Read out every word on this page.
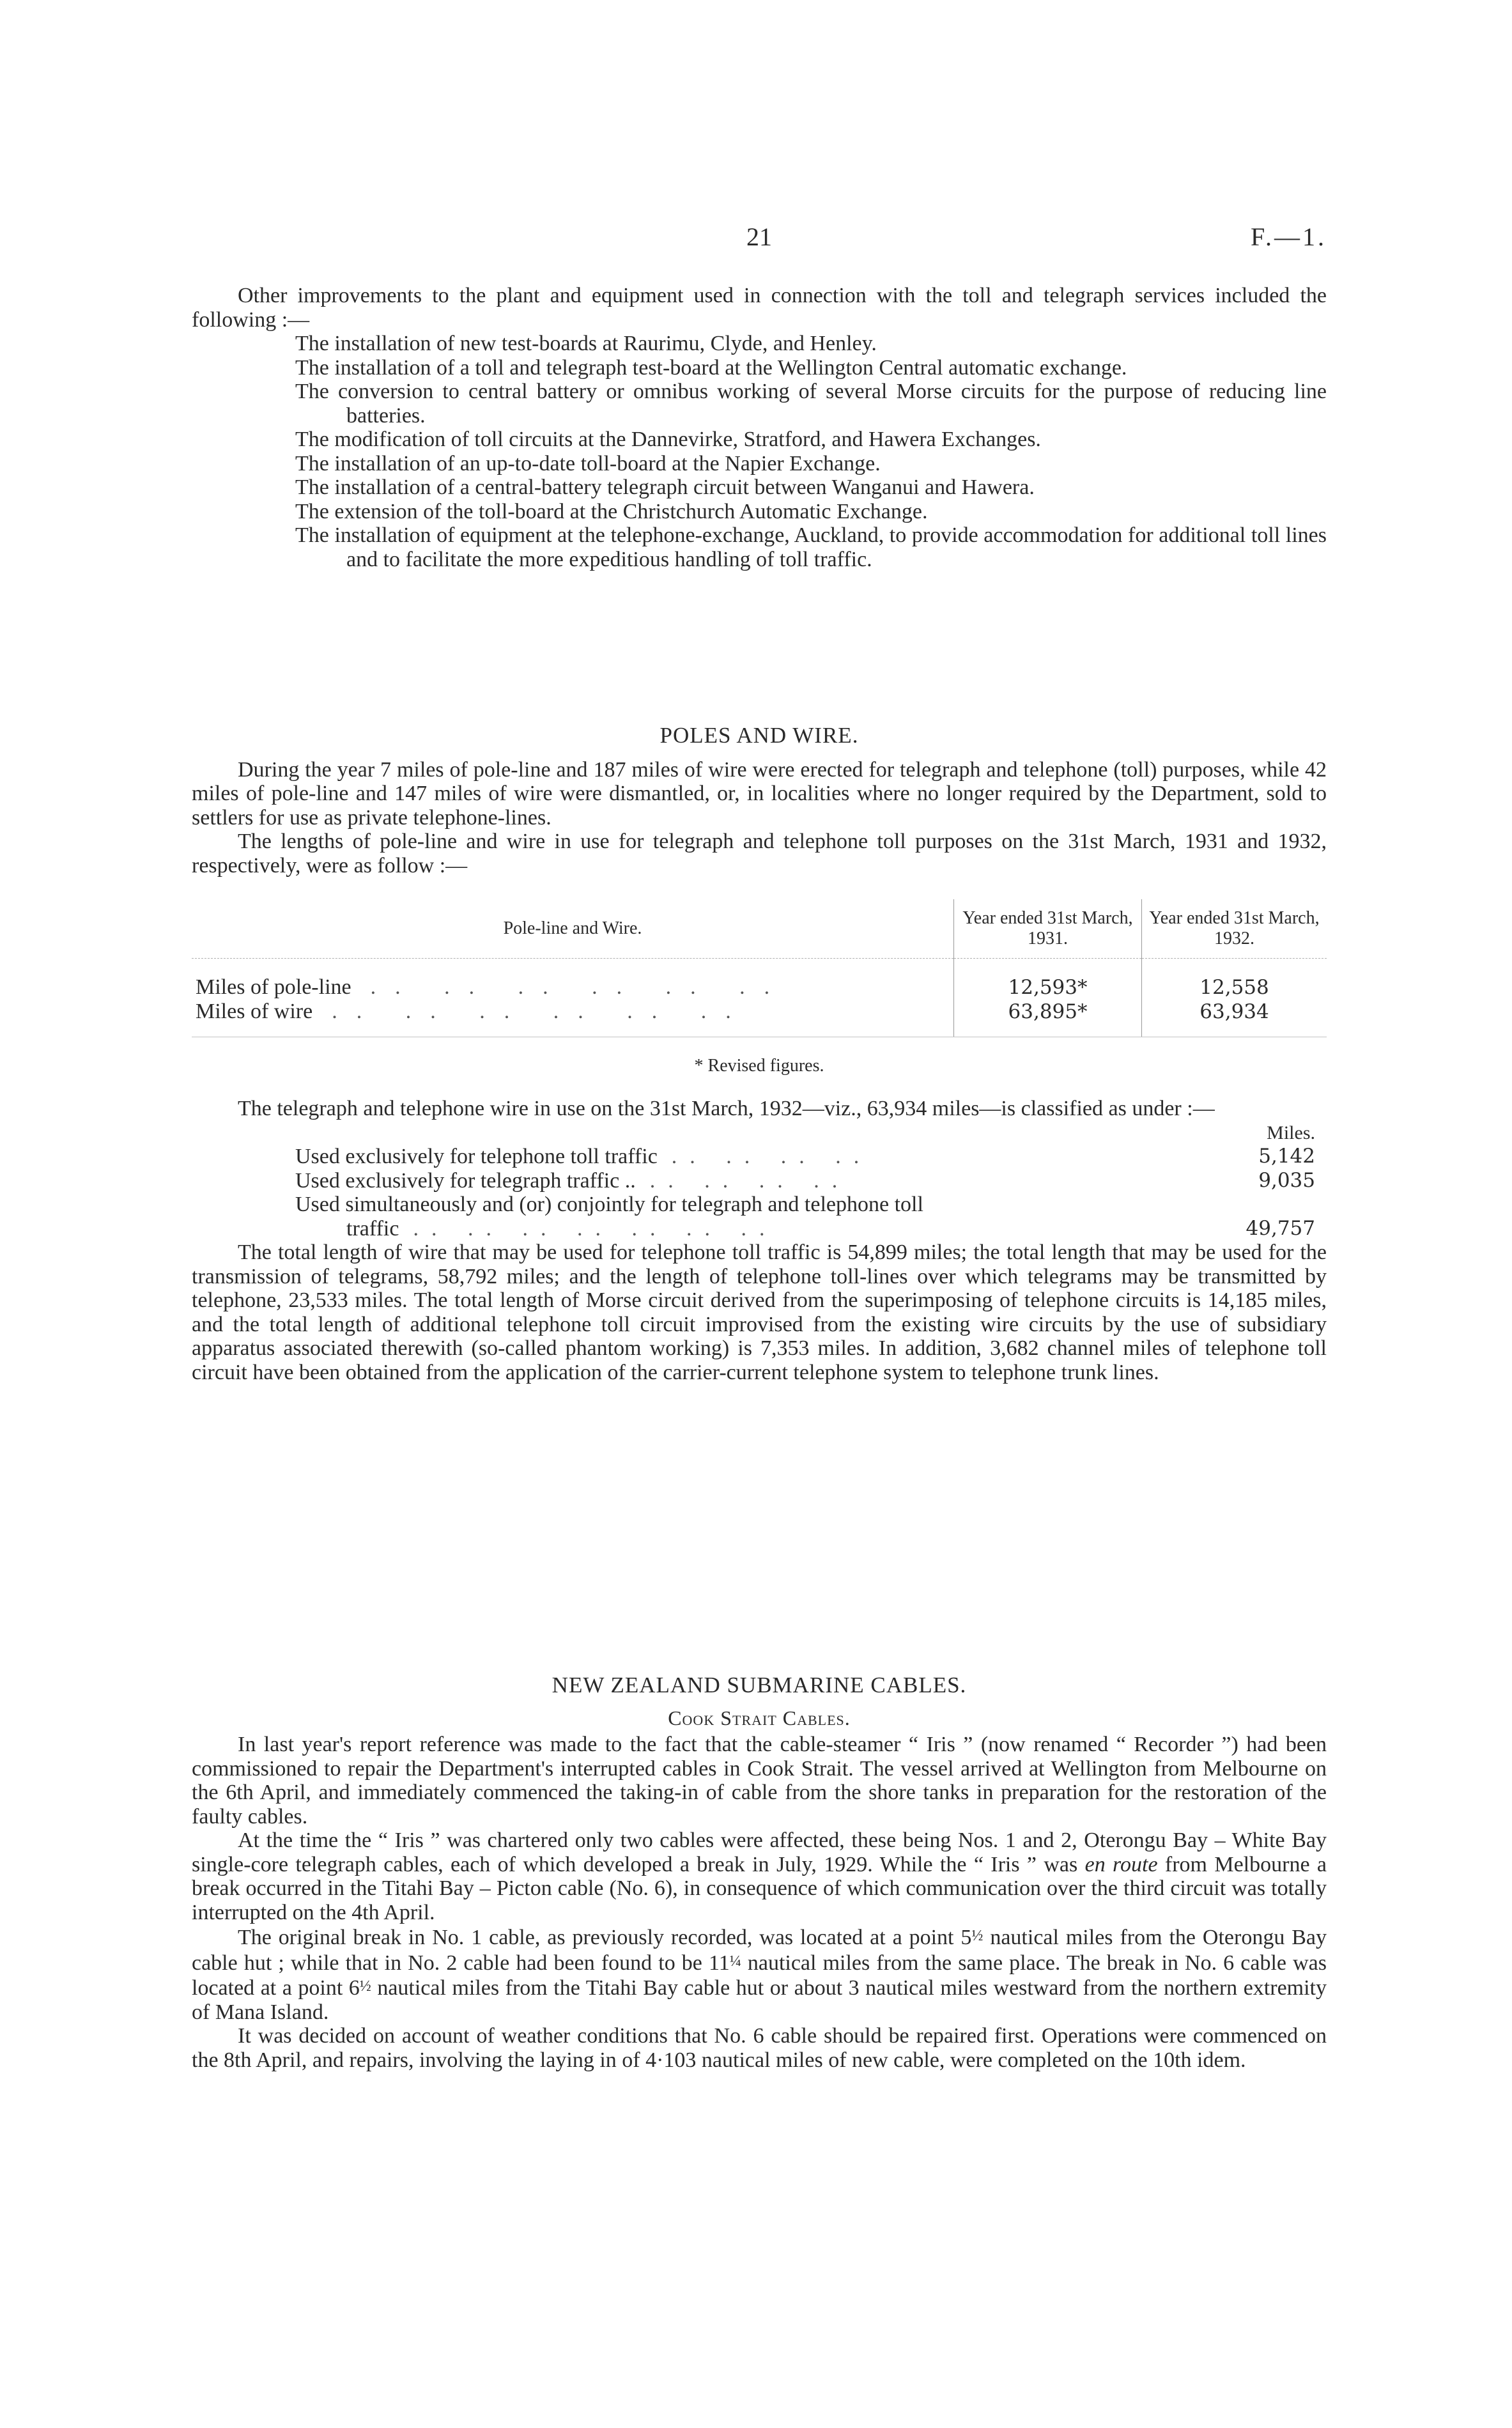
21	F.—1.

Other improvements to the plant and equipment used in connection with the toll and telegraph services included the following :—

The installation of new test-boards at Raurimu, Clyde, and Henley.
The installation of a toll and telegraph test-board at the Wellington Central automatic exchange.
The conversion to central battery or omnibus working of several Morse circuits for the purpose of reducing line batteries.
The modification of toll circuits at the Dannevirke, Stratford, and Hawera Exchanges.
The installation of an up-to-date toll-board at the Napier Exchange.
The installation of a central-battery telegraph circuit between Wanganui and Hawera.
The extension of the toll-board at the Christchurch Automatic Exchange.
The installation of equipment at the telephone-exchange, Auckland, to provide accommodation for additional toll lines and to facilitate the more expeditious handling of toll traffic.
POLES AND WIRE.

During the year 7 miles of pole-line and 187 miles of wire were erected for telegraph and telephone (toll) purposes, while 42 miles of pole-line and 147 miles of wire were dismantled, or, in localities where no longer required by the Department, sold to settlers for use as private telephone-lines.

The lengths of pole-line and wire in use for telegraph and telephone toll purposes on the 31st March, 1931 and 1932, respectively, were as follow :—

Pole-line and Wire.	Year ended 31st March, 1931.	Year ended 31st March, 1932.

Miles of pole-line .. .. .. .. .. ..	12,593*	12,558
Miles of wire .. .. .. .. .. ..	63,895*	63,934

* Revised figures.

The telegraph and telephone wire in use on the 31st March, 1932—viz., 63,934 miles—is classified as under :—

Miles.
Used exclusively for telephone toll traffic .. .. .. ..	5,142
Used exclusively for telegraph traffic .. .. .. .. ..	9,035
Used simultaneously and (or) conjointly for telegraph and telephone toll
traffic .. .. .. .. .. .. ..	49,757

The total length of wire that may be used for telephone toll traffic is 54,899 miles; the total length that may be used for the transmission of telegrams, 58,792 miles; and the length of telephone toll-lines over which telegrams may be transmitted by telephone, 23,533 miles. The total length of Morse circuit derived from the superimposing of telephone circuits is 14,185 miles, and the total length of additional telephone toll circuit improvised from the existing wire circuits by the use of subsidiary apparatus associated therewith (so-called phantom working) is 7,353 miles. In addition, 3,682 channel miles of telephone toll circuit have been obtained from the application of the carrier-current telephone system to telephone trunk lines.

NEW ZEALAND SUBMARINE CABLES.
Cook Strait Cables.

In last year's report reference was made to the fact that the cable-steamer “ Iris ” (now renamed “ Recorder ”) had been commissioned to repair the Department's interrupted cables in Cook Strait. The vessel arrived at Wellington from Melbourne on the 6th April, and immediately commenced the taking-in of cable from the shore tanks in preparation for the restoration of the faulty cables.

At the time the “ Iris ” was chartered only two cables were affected, these being Nos. 1 and 2, Oterongu Bay – White Bay single-core telegraph cables, each of which developed a break in July, 1929. While the “ Iris ” was en route from Melbourne a break occurred in the Titahi Bay – Picton cable (No. 6), in consequence of which communication over the third circuit was totally interrupted on the 4th April.

The original break in No. 1 cable, as previously recorded, was located at a point 5½ nautical miles from the Oterongu Bay cable hut ; while that in No. 2 cable had been found to be 11¼ nautical miles from the same place. The break in No. 6 cable was located at a point 6½ nautical miles from the Titahi Bay cable hut or about 3 nautical miles westward from the northern extremity of Mana Island.

It was decided on account of weather conditions that No. 6 cable should be repaired first. Operations were commenced on the 8th April, and repairs, involving the laying in of 4·103 nautical miles of new cable, were completed on the 10th idem.
